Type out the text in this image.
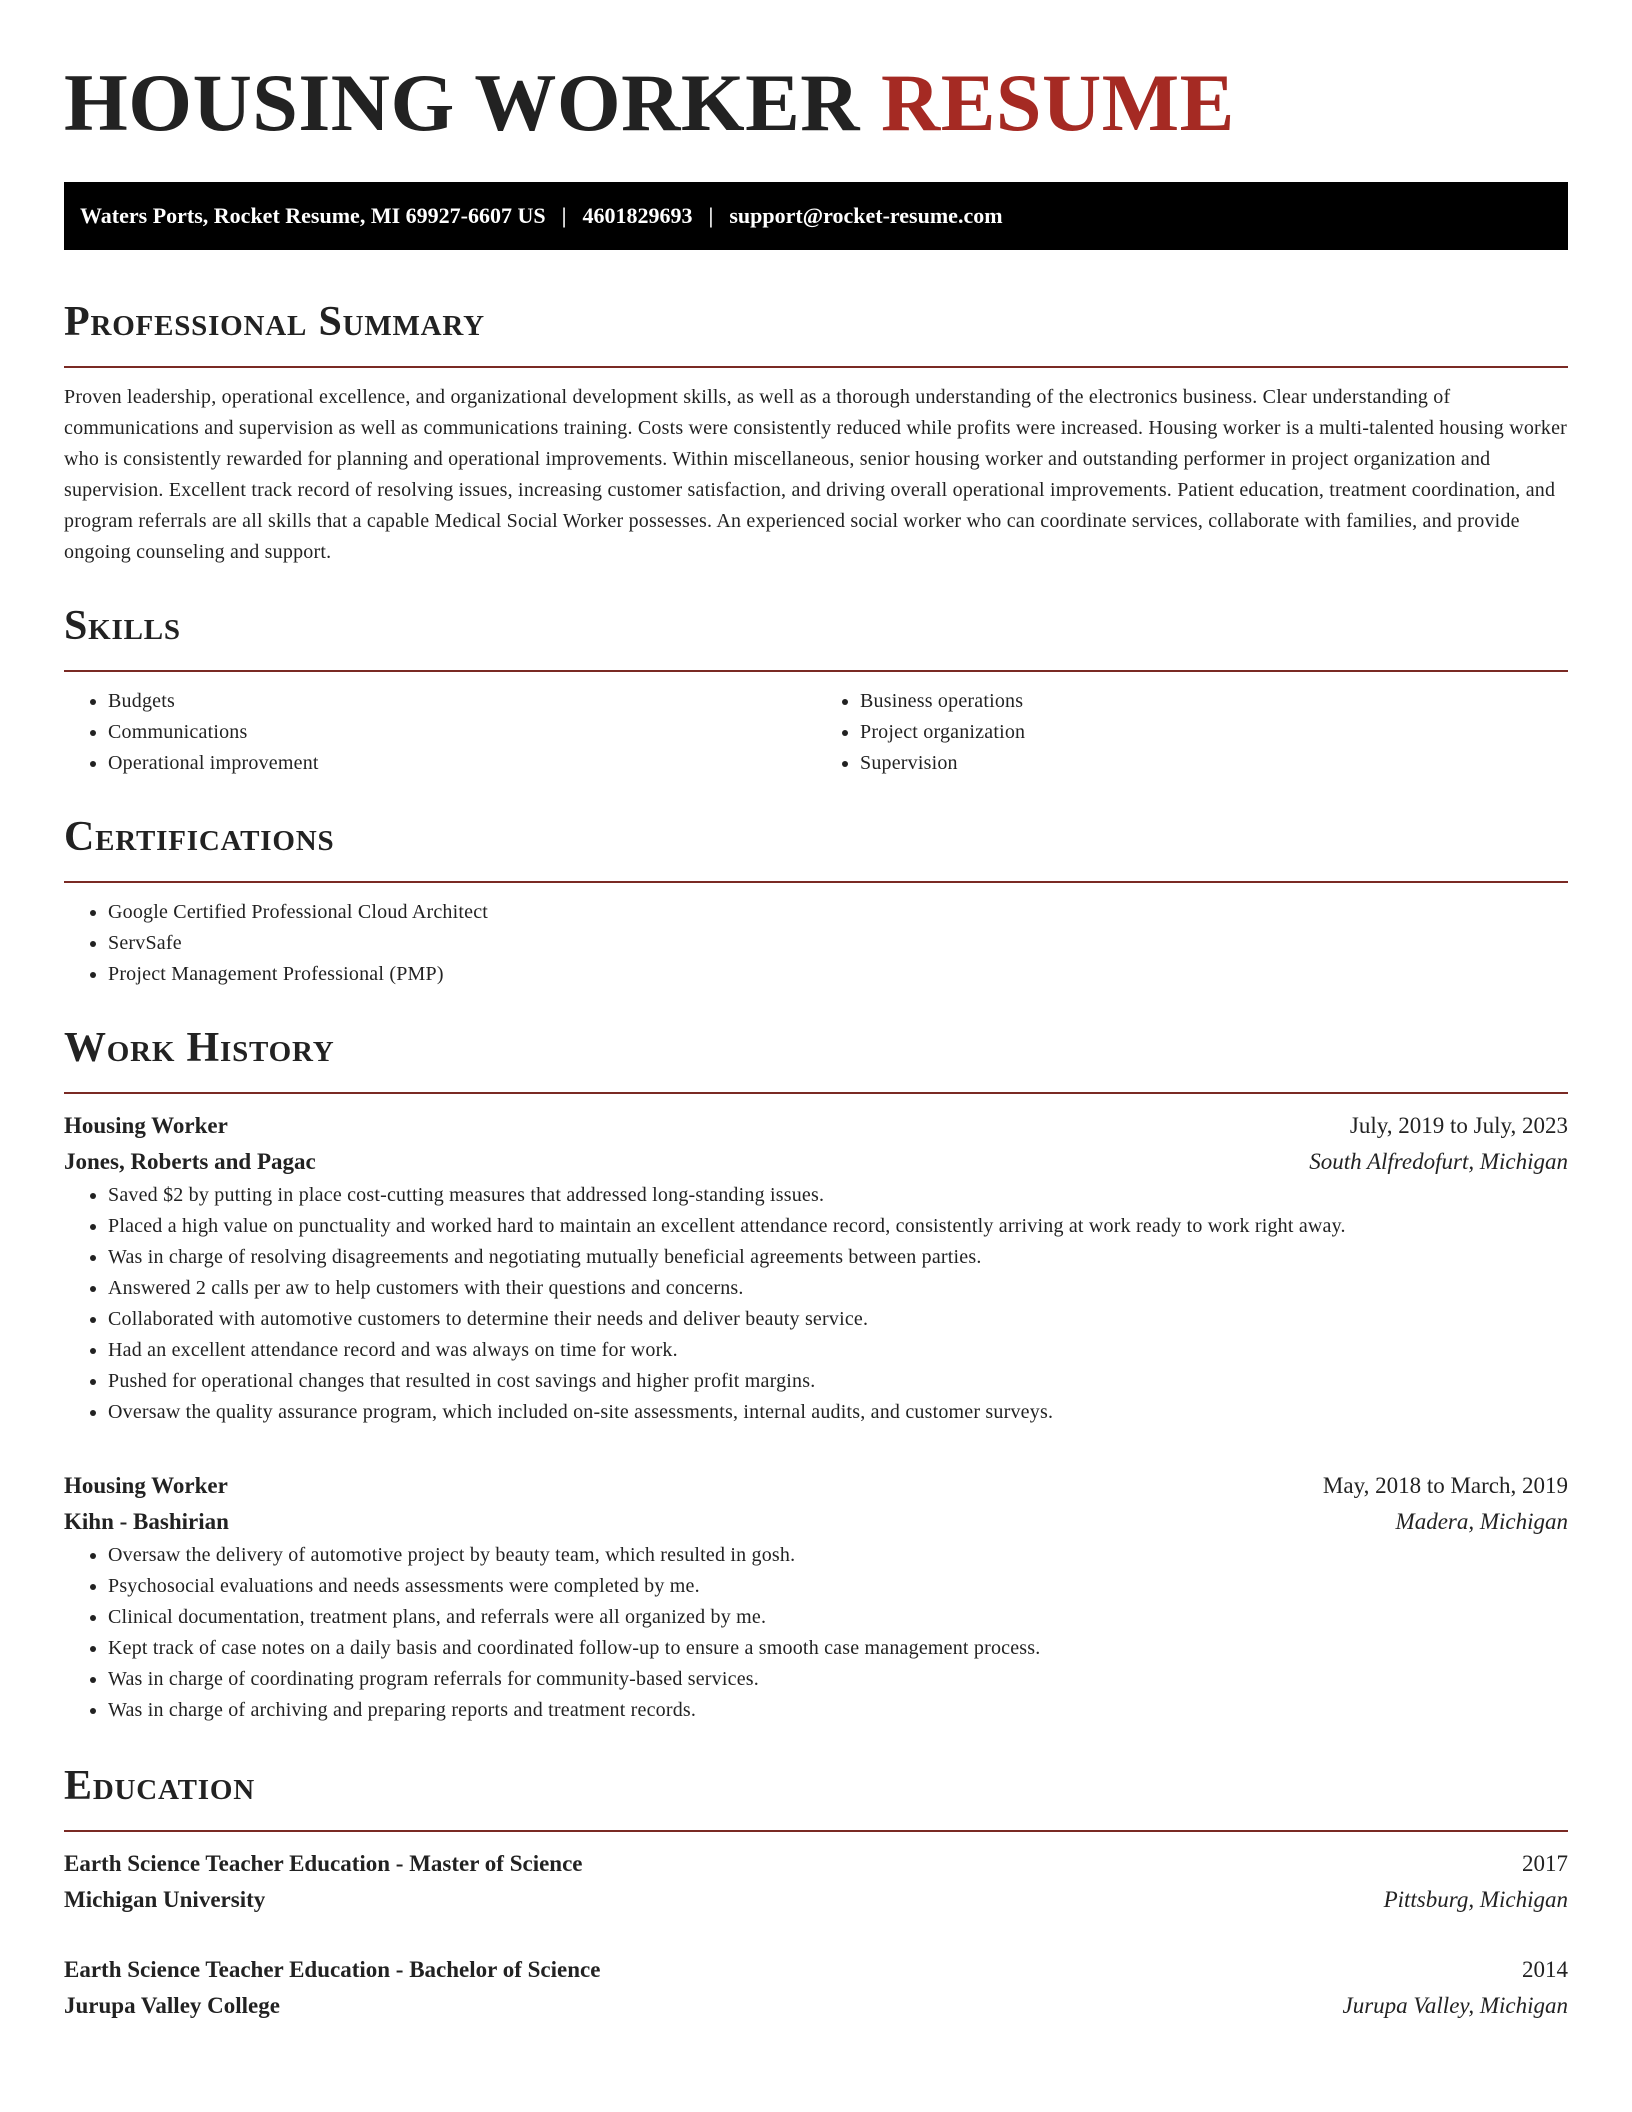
HOUSING WORKER RESUME
Waters Ports, Rocket Resume, MI 69927-6607 US | 4601829693 | support@rocket-resume.com
Professional Summary

Proven leadership, operational excellence, and organizational development skills, as well as a thorough understanding of the electronics business. Clear understanding of communications and supervision as well as communications training. Costs were consistently reduced while profits were increased. Housing worker is a multi-talented housing worker who is consistently rewarded for planning and operational improvements. Within miscellaneous, senior housing worker and outstanding performer in project organization and supervision. Excellent track record of resolving issues, increasing customer satisfaction, and driving overall operational improvements. Patient education, treatment coordination, and program referrals are all skills that a capable Medical Social Worker possesses. An experienced social worker who can coordinate services, collaborate with families, and provide ongoing counseling and support.

Skills
• Budgets
• Communications
• Operational improvement
• Business operations
• Project organization
• Supervision
Certifications
• Google Certified Professional Cloud Architect
• ServSafe
• Project Management Professional (PMP)
Work History
Housing Worker	July, 2019 to July, 2023
Jones, Roberts and Pagac	South Alfredofurt, Michigan
• Saved $2 by putting in place cost-cutting measures that addressed long-standing issues.
• Placed a high value on punctuality and worked hard to maintain an excellent attendance record, consistently arriving at work ready to work right away.
• Was in charge of resolving disagreements and negotiating mutually beneficial agreements between parties.
• Answered 2 calls per aw to help customers with their questions and concerns.
• Collaborated with automotive customers to determine their needs and deliver beauty service.
• Had an excellent attendance record and was always on time for work.
• Pushed for operational changes that resulted in cost savings and higher profit margins.
• Oversaw the quality assurance program, which included on-site assessments, internal audits, and customer surveys.
Housing Worker	May, 2018 to March, 2019
Kihn - Bashirian	Madera, Michigan
• Oversaw the delivery of automotive project by beauty team, which resulted in gosh.
• Psychosocial evaluations and needs assessments were completed by me.
• Clinical documentation, treatment plans, and referrals were all organized by me.
• Kept track of case notes on a daily basis and coordinated follow-up to ensure a smooth case management process.
• Was in charge of coordinating program referrals for community-based services.
• Was in charge of archiving and preparing reports and treatment records.
Education
Earth Science Teacher Education - Master of Science	2017
Michigan University	Pittsburg, Michigan
Earth Science Teacher Education - Bachelor of Science	2014
Jurupa Valley College	Jurupa Valley, Michigan
